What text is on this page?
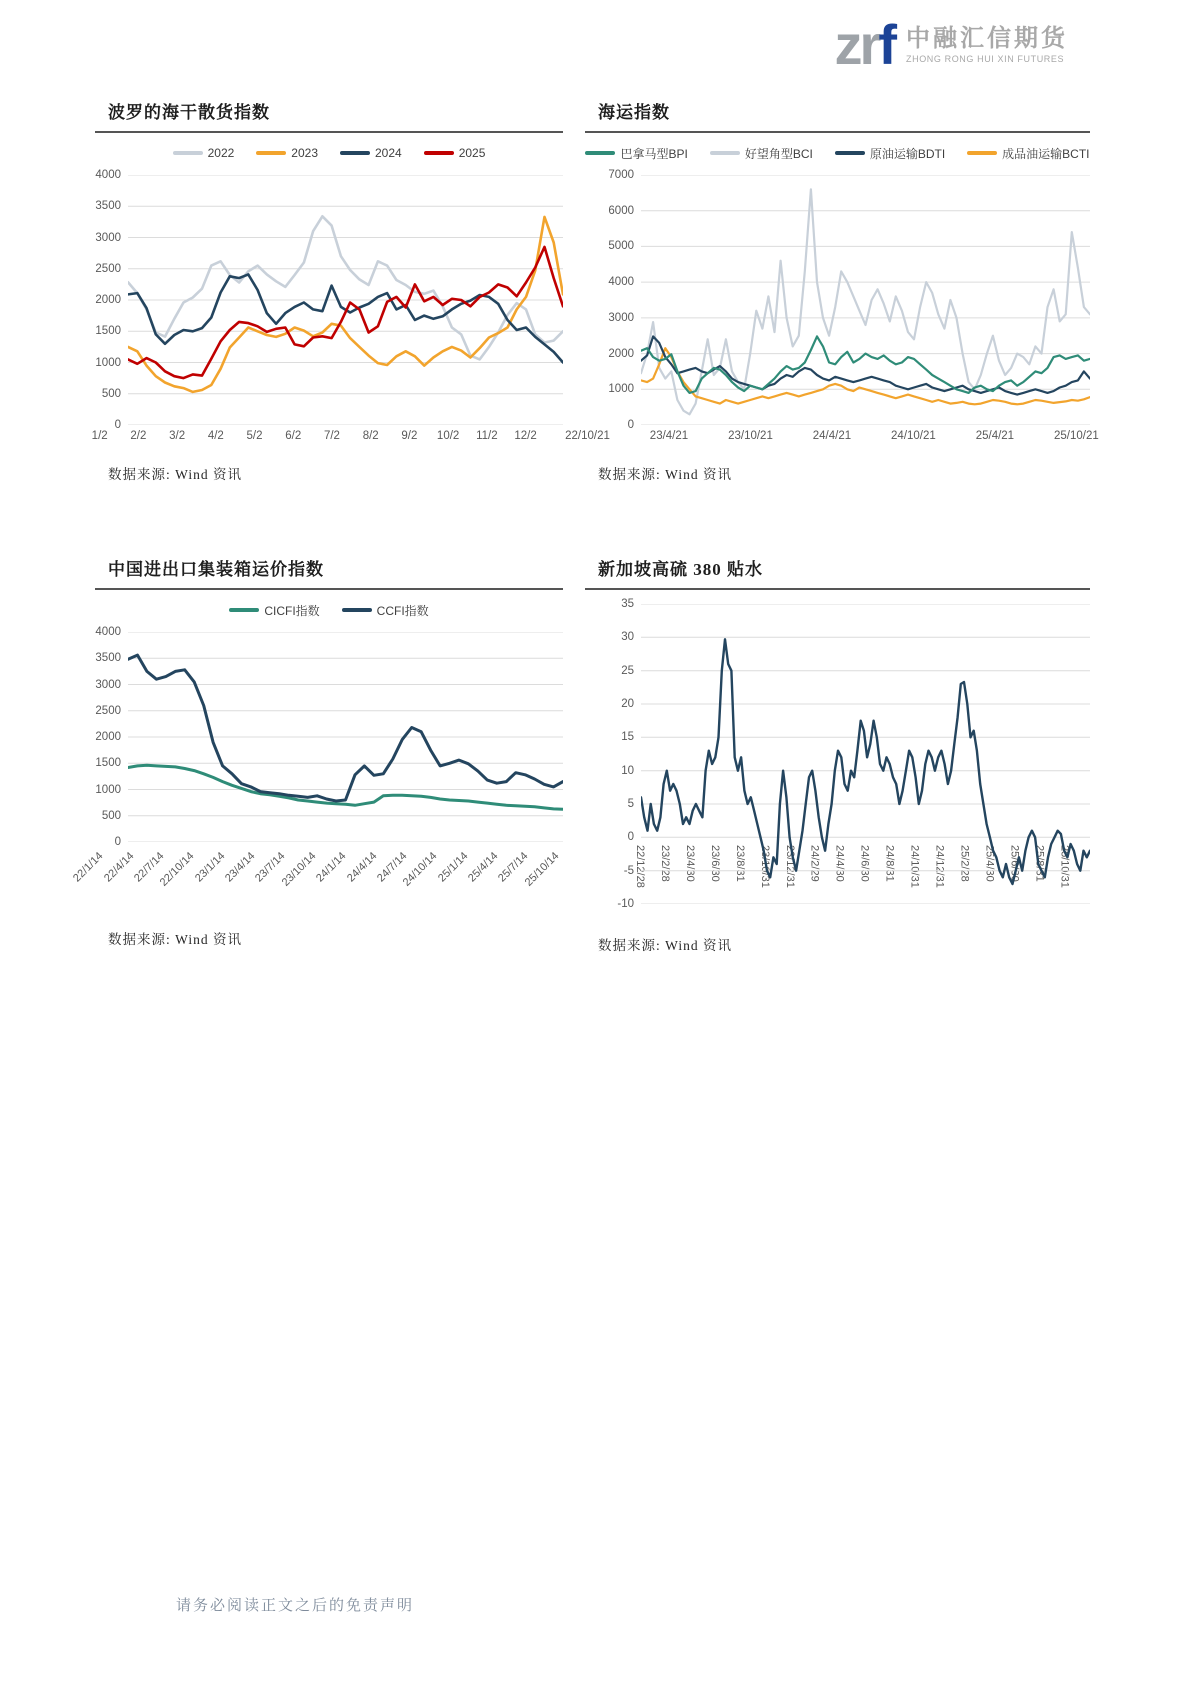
zrf 中融汇信期货
ZHONG RONG HUI XIN FUTURES
波罗的海干散货指数
2022	2023	2024	2025
4000
3500
3000
2500
2000
1500
1000
500
0
1/2 2/2 3/2 4/2 5/2 6/2 7/2 8/2 9/2 10/2 11/2 12/2
数据来源: Wind 资讯
海运指数
巴拿马型BPI	好望角型BCI	原油运输BDTI	成品油运输BCTI
7000
6000
5000
4000
3000
2000
1000
0
22/10/21	23/4/21	23/10/21	24/4/21	24/10/21	25/4/21	25/10/21
数据来源: Wind 资讯
中国进出口集装箱运价指数
CICFI指数	CCFI指数
4000
3500
3000
2500
2000
1500
1000
500
0
22/1/14
22/4/14
22/7/14
22/10/14
23/1/14
23/4/14
23/7/14
23/10/14
24/1/14
24/4/14
24/7/14
24/10/14
25/1/14
25/4/14
25/7/14
25/10/14
数据来源: Wind 资讯
新加坡高硫 380 贴水
35
30
25
20
15
10
5
0
-5
-10
22/12/28 23/2/28 23/4/30 23/6/30 23/8/31 23/10/31 23/12/31 24/2/29 24/4/30 24/6/30 24/8/31 24/10/31 24/12/31 25/2/28 25/4/30 25/6/30 25/8/31 25/10/31
数据来源: Wind 资讯
请务必阅读正文之后的免责声明
